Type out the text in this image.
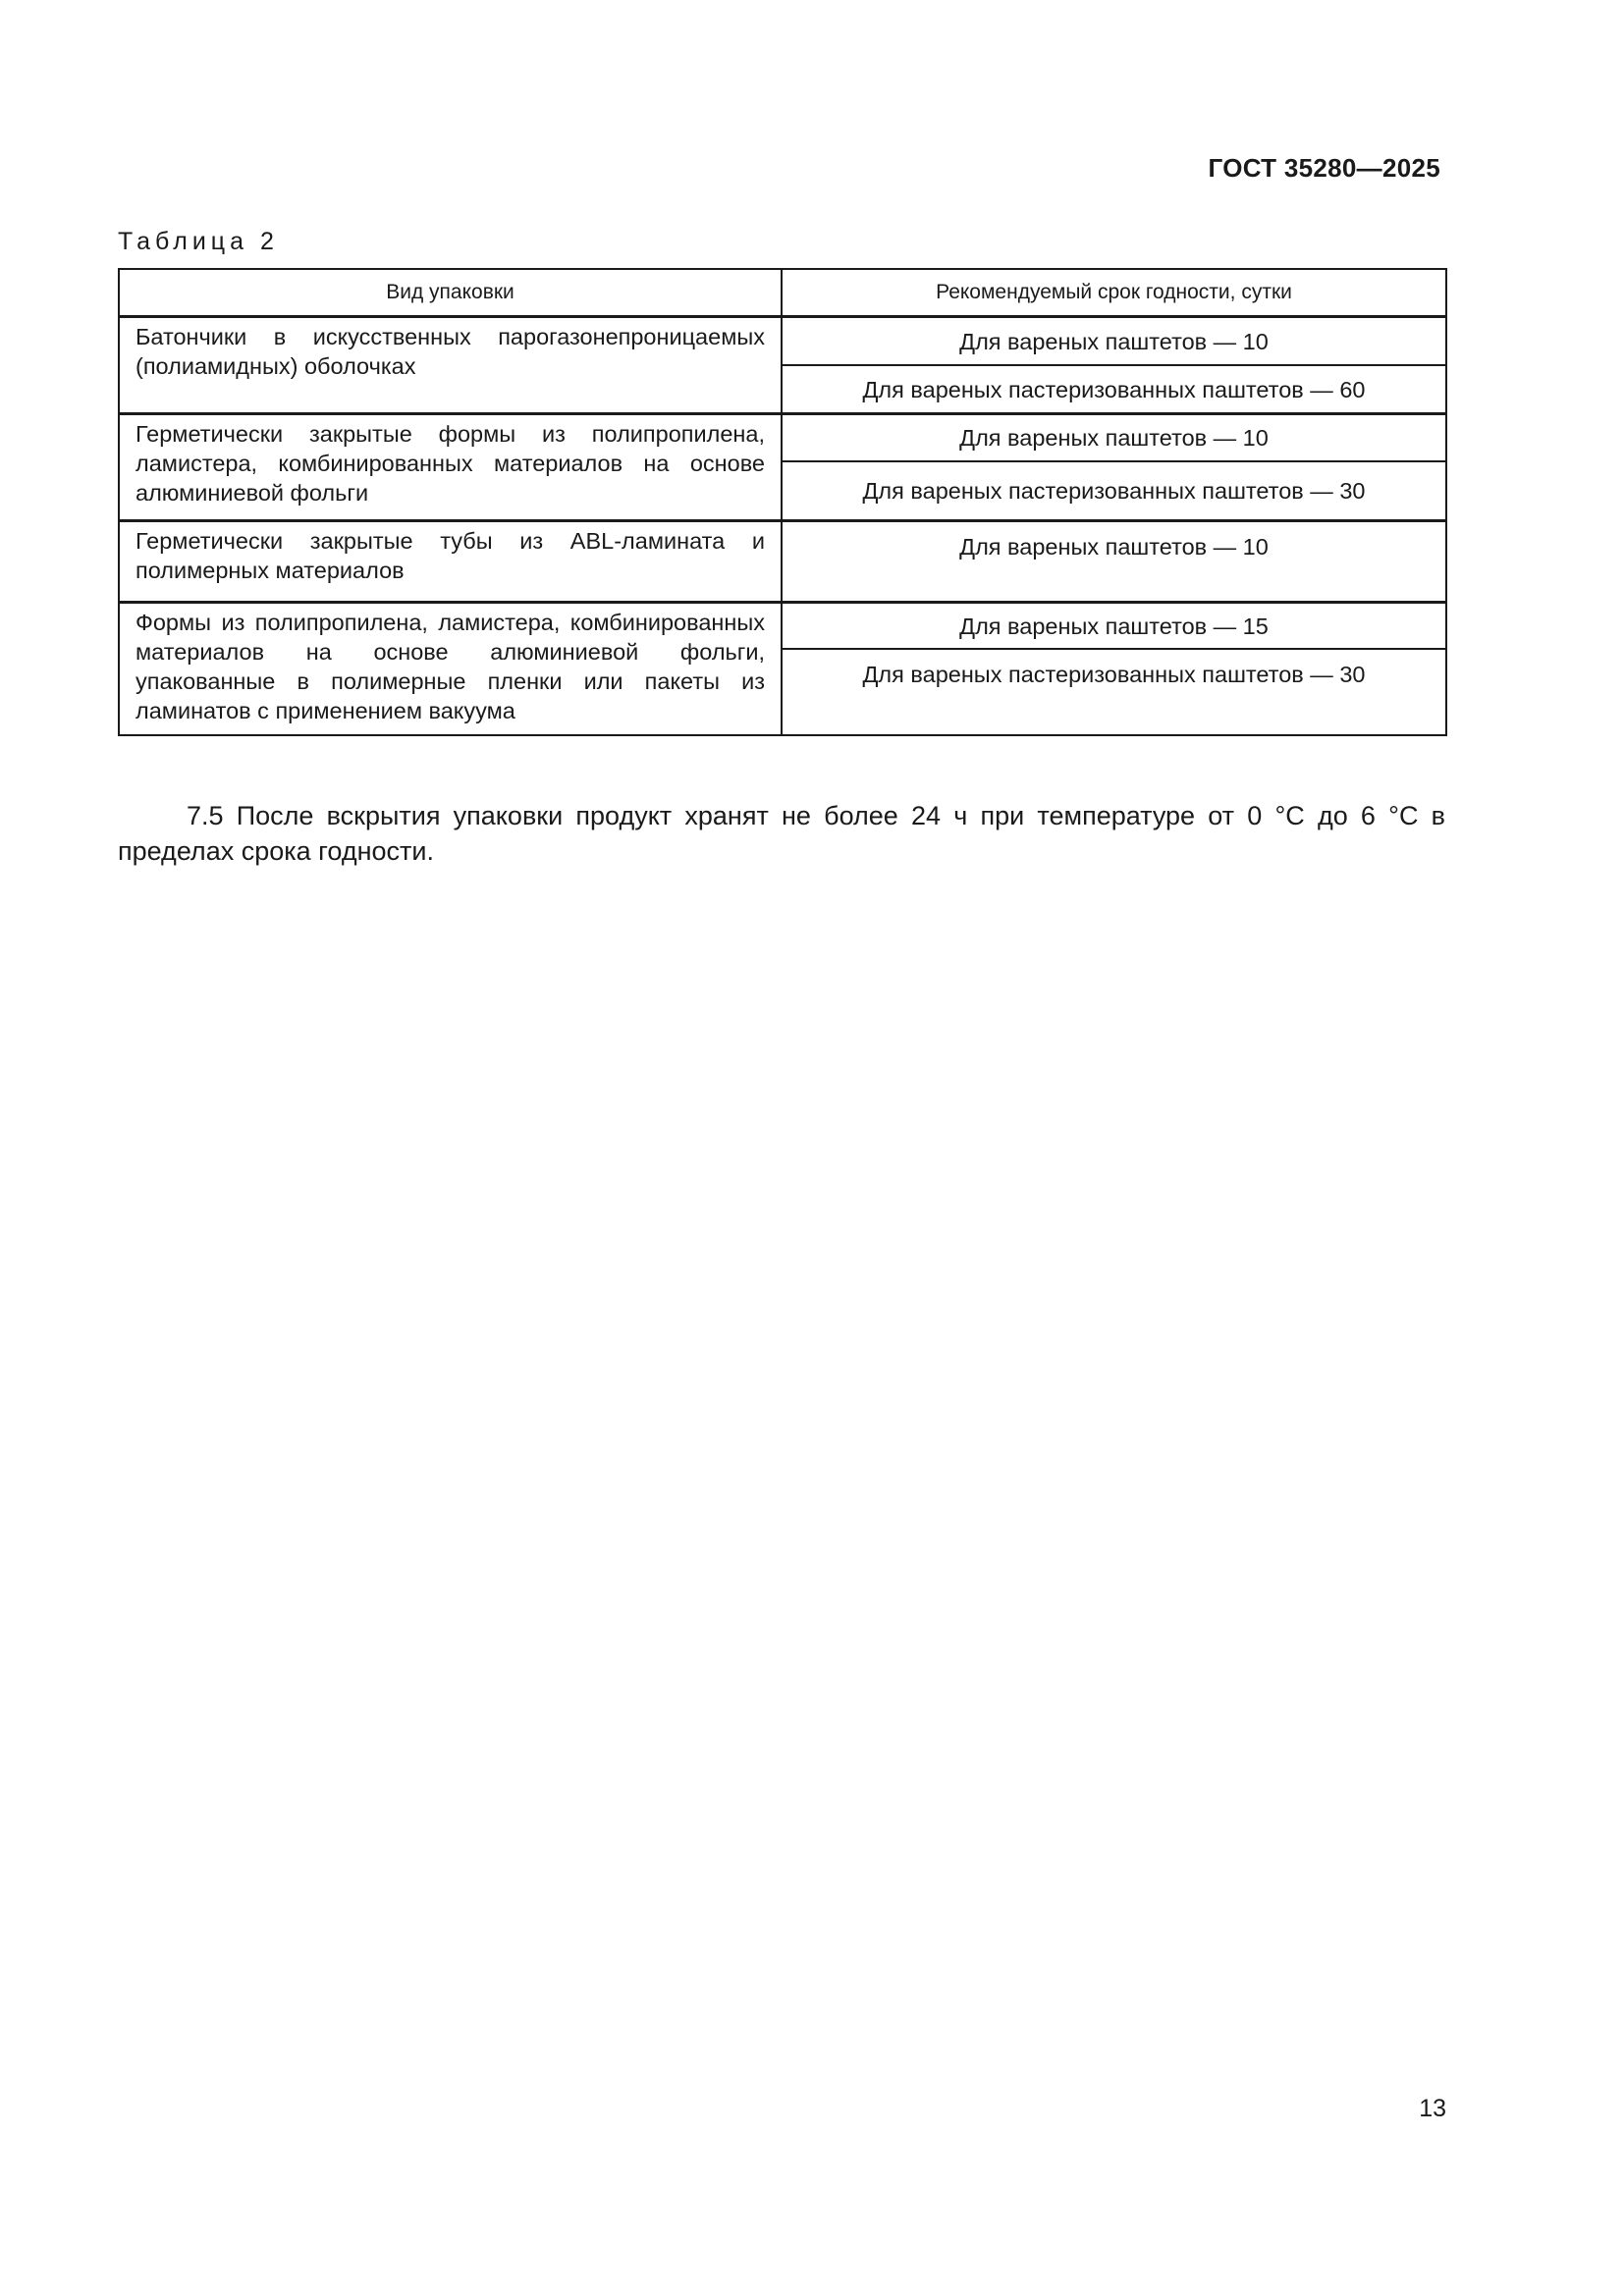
ГОСТ 35280—2025
Таблица 2
Вид упаковки	Рекомендуемый срок годности, сутки
Батончики в искусственных парогазонепроницаемых (полиамидных) оболочках	Для вареных паштетов — 10
	Для вареных пастеризованных паштетов — 60
Герметически закрытые формы из полипропилена, ламистера, комбинированных материалов на основе алюминиевой фольги	Для вареных паштетов — 10
	Для вареных пастеризованных паштетов — 30
Герметически закрытые тубы из ABL-ламината и полимерных материалов	Для вареных паштетов — 10
Формы из полипропилена, ламистера, комбинированных материалов на основе алюминиевой фольги, упакованные в полимерные пленки или пакеты из ламинатов с применением вакуума	Для вареных паштетов — 15
	Для вареных пастеризованных паштетов — 30

7.5 После вскрытия упаковки продукт хранят не более 24 ч при температуре от 0 °C до 6 °C в пределах срока годности.

13
